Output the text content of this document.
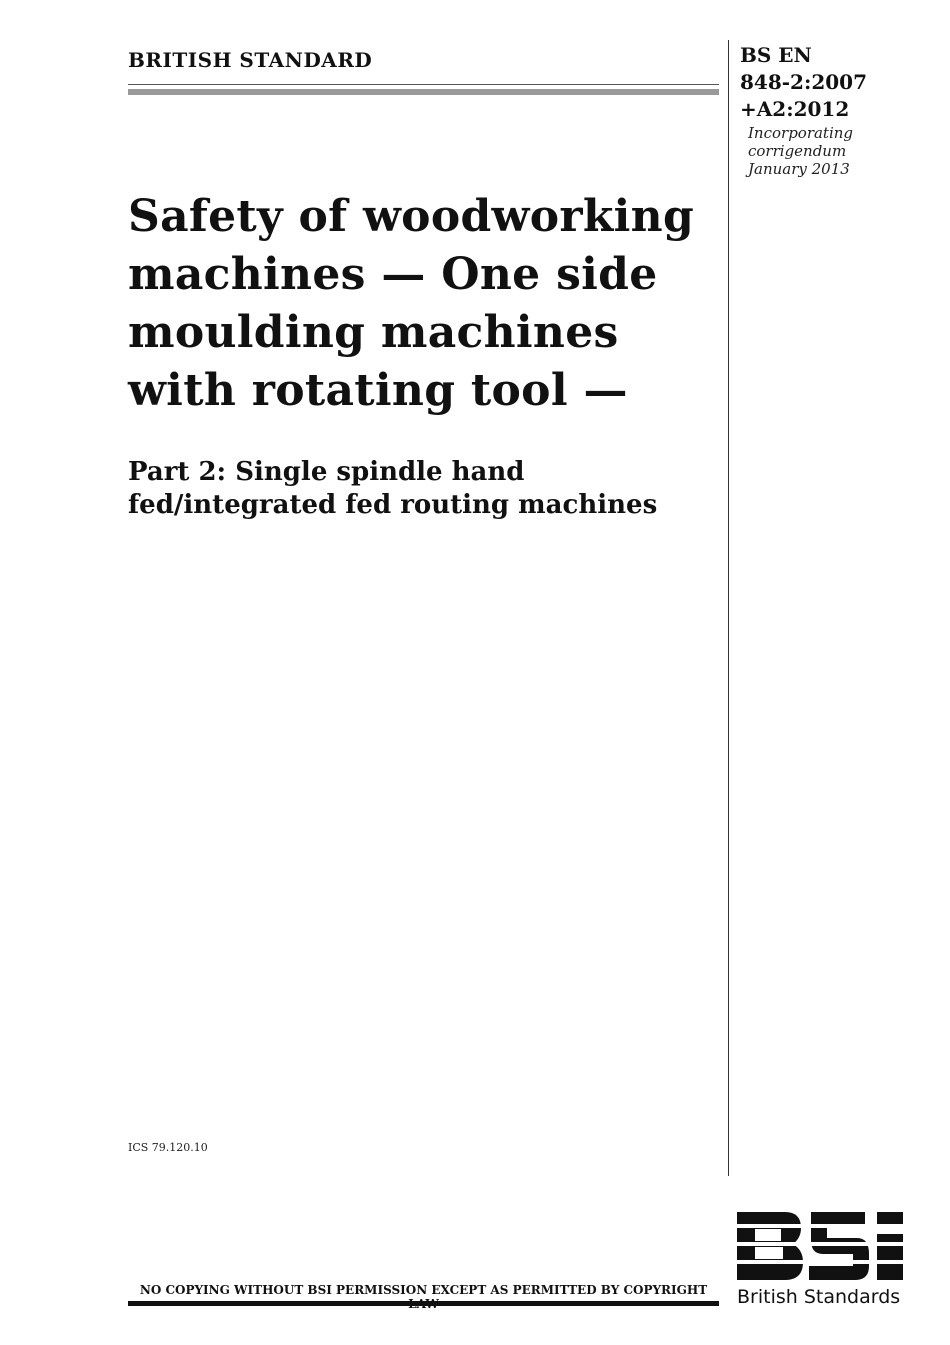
BRITISH STANDARD	BS EN
848-2:2007
+A2:2012
Incorporating
corrigendum
January 2013
Safety of woodworking
machines — One side
moulding machines
with rotating tool —
Part 2: Single spindle hand
fed/integrated fed routing machines
ICS 79.120.10
NO COPYING WITHOUT BSI PERMISSION EXCEPT AS PERMITTED BY COPYRIGHT	British Standards
